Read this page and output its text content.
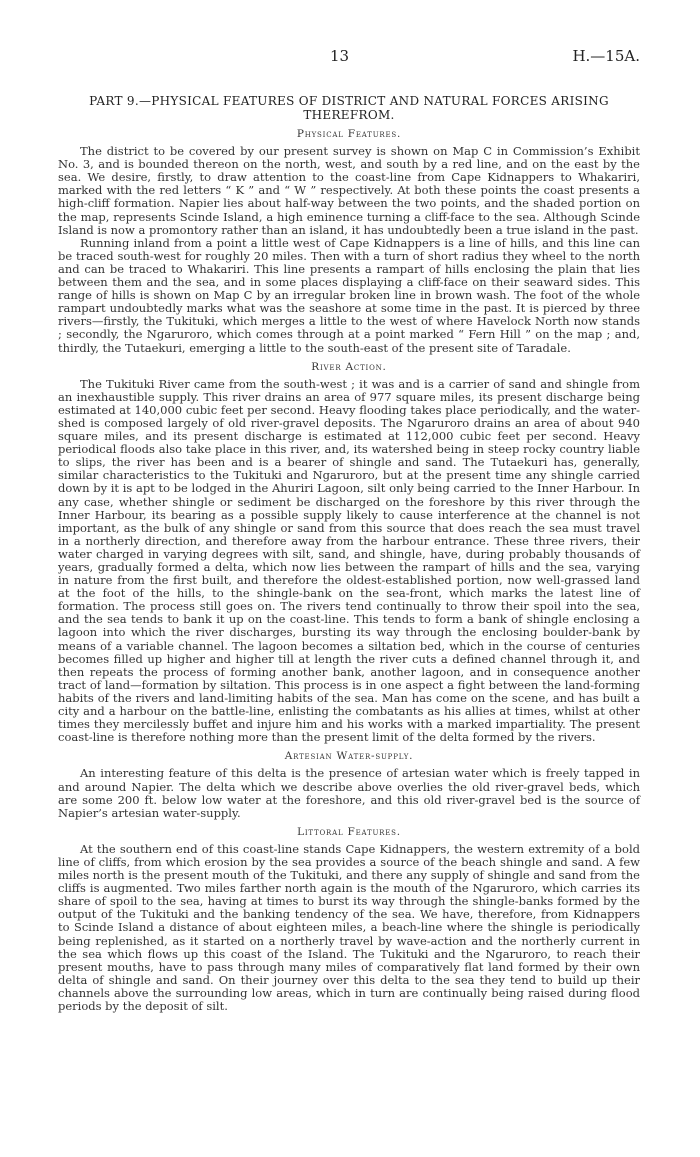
13	H.—15A.
PART 9.—PHYSICAL FEATURES OF DISTRICT AND NATURAL FORCES ARISING THEREFROM.
Physical Features.

The district to be covered by our present survey is shown on Map C in Commission’s Exhibit No. 3, and is bounded thereon on the north, west, and south by a red line, and on the east by the sea. We desire, firstly, to draw attention to the coast-line from Cape Kidnappers to Whakariri, marked with the red letters “ K ” and “ W ” respectively. At both these points the coast presents a high-cliff formation. Napier lies about half-way between the two points, and the shaded portion on the map, represents Scinde Island, a high eminence turning a cliff-face to the sea. Although Scinde Island is now a promontory rather than an island, it has undoubtedly been a true island in the past.

Running inland from a point a little west of Cape Kidnappers is a line of hills, and this line can be traced south-west for roughly 20 miles. Then with a turn of short radius they wheel to the north and can be traced to Whakariri. This line presents a rampart of hills enclosing the plain that lies between them and the sea, and in some places displaying a cliff-face on their seaward sides. This range of hills is shown on Map C by an irregular broken line in brown wash. The foot of the whole rampart undoubtedly marks what was the seashore at some time in the past. It is pierced by three rivers—firstly, the Tukituki, which merges a little to the west of where Havelock North now stands ; secondly, the Ngaruroro, which comes through at a point marked “ Fern Hill ” on the map ; and, thirdly, the Tutaekuri, emerging a little to the south-east of the present site of Taradale.

River Action.

The Tukituki River came from the south-west ; it was and is a carrier of sand and shingle from an inexhaustible supply. This river drains an area of 977 square miles, its present discharge being estimated at 140,000 cubic feet per second. Heavy flooding takes place periodically, and the water-shed is composed largely of old river-gravel deposits. The Ngaruroro drains an area of about 940 square miles, and its present discharge is estimated at 112,000 cubic feet per second. Heavy periodical floods also take place in this river, and, its watershed being in steep rocky country liable to slips, the river has been and is a bearer of shingle and sand. The Tutaekuri has, generally, similar characteristics to the Tukituki and Ngaruroro, but at the present time any shingle carried down by it is apt to be lodged in the Ahuriri Lagoon, silt only being carried to the Inner Harbour. In any case, whether shingle or sediment be discharged on the foreshore by this river through the Inner Harbour, its bearing as a possible supply likely to cause interference at the channel is not important, as the bulk of any shingle or sand from this source that does reach the sea must travel in a northerly direction, and therefore away from the harbour entrance. These three rivers, their water charged in varying degrees with silt, sand, and shingle, have, during probably thousands of years, gradually formed a delta, which now lies between the rampart of hills and the sea, varying in nature from the first built, and therefore the oldest-established portion, now well-grassed land at the foot of the hills, to the shingle-bank on the sea-front, which marks the latest line of formation. The process still goes on. The rivers tend continually to throw their spoil into the sea, and the sea tends to bank it up on the coast-line. This tends to form a bank of shingle enclosing a lagoon into which the river discharges, bursting its way through the enclosing boulder-bank by means of a variable channel. The lagoon becomes a siltation bed, which in the course of centuries becomes filled up higher and higher till at length the river cuts a defined channel through it, and then repeats the process of forming another bank, another lagoon, and in consequence another tract of land—formation by siltation. This process is in one aspect a fight between the land-forming habits of the rivers and land-limiting habits of the sea. Man has come on the scene, and has built a city and a harbour on the battle-line, enlisting the combatants as his allies at times, whilst at other times they mercilessly buffet and injure him and his works with a marked impartiality. The present coast-line is therefore nothing more than the present limit of the delta formed by the rivers.

Artesian Water-supply.

An interesting feature of this delta is the presence of artesian water which is freely tapped in and around Napier. The delta which we describe above overlies the old river-gravel beds, which are some 200 ft. below low water at the foreshore, and this old river-gravel bed is the source of Napier’s artesian water-supply.

Littoral Features.

At the southern end of this coast-line stands Cape Kidnappers, the western extremity of a bold line of cliffs, from which erosion by the sea provides a source of the beach shingle and sand. A few miles north is the present mouth of the Tukituki, and there any supply of shingle and sand from the cliffs is augmented. Two miles farther north again is the mouth of the Ngaruroro, which carries its share of spoil to the sea, having at times to burst its way through the shingle-banks formed by the output of the Tukituki and the banking tendency of the sea. We have, therefore, from Kidnappers to Scinde Island a distance of about eighteen miles, a beach-line where the shingle is periodically being replenished, as it started on a northerly travel by wave-action and the northerly current in the sea which flows up this coast of the Island. The Tukituki and the Ngaruroro, to reach their present mouths, have to pass through many miles of comparatively flat land formed by their own delta of shingle and sand. On their journey over this delta to the sea they tend to build up their channels above the surrounding low areas, which in turn are continually being raised during flood periods by the deposit of silt.
